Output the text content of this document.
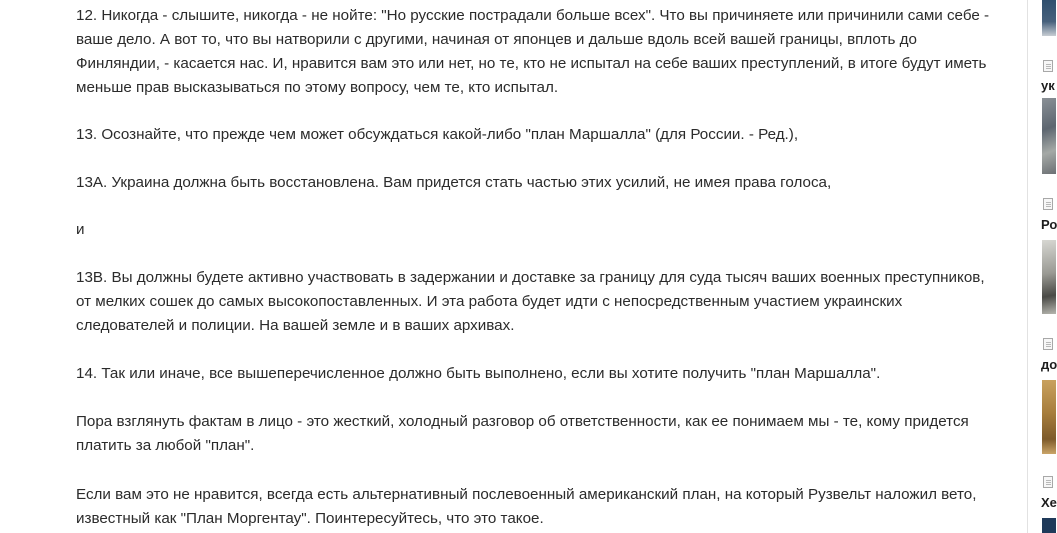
12. Никогда - слышите, никогда - не нойте: "Но русские пострадали больше всех". Что вы причиняете или причинили сами себе -
ваше дело. А вот то, что вы натворили с другими, начиная от японцев и дальше вдоль всей вашей границы, вплоть до
Финляндии, - касается нас. И, нравится вам это или нет, но те, кто не испытал на себе ваших преступлений, в итоге будут иметь
меньше прав высказываться по этому вопросу, чем те, кто испытал.
13. Осознайте, что прежде чем может обсуждаться какой-либо "план Маршалла" (для России. - Ред.),
13А. Украина должна быть восстановлена. Вам придется стать частью этих усилий, не имея права голоса,
и
13В. Вы должны будете активно участвовать в задержании и доставке за границу для суда тысяч ваших военных преступников,
от мелких сошек до самых высокопоставленных. И эта работа будет идти с непосредственным участием украинских
следователей и полиции. На вашей земле и в ваших архивах.
14. Так или иначе, все вышеперечисленное должно быть выполнено, если вы хотите получить "план Маршалла".
Пора взглянуть фактам в лицо - это жесткий, холодный разговор об ответственности, как ее понимаем мы - те, кому придется
платить за любой "план".
Если вам это не нравится, всегда есть альтернативный послевоенный американский план, на который Рузвельт наложил вето,
известный как "План Моргентау". Поинтересуйтесь, что это такое.
ук
Ро
до
Хе
